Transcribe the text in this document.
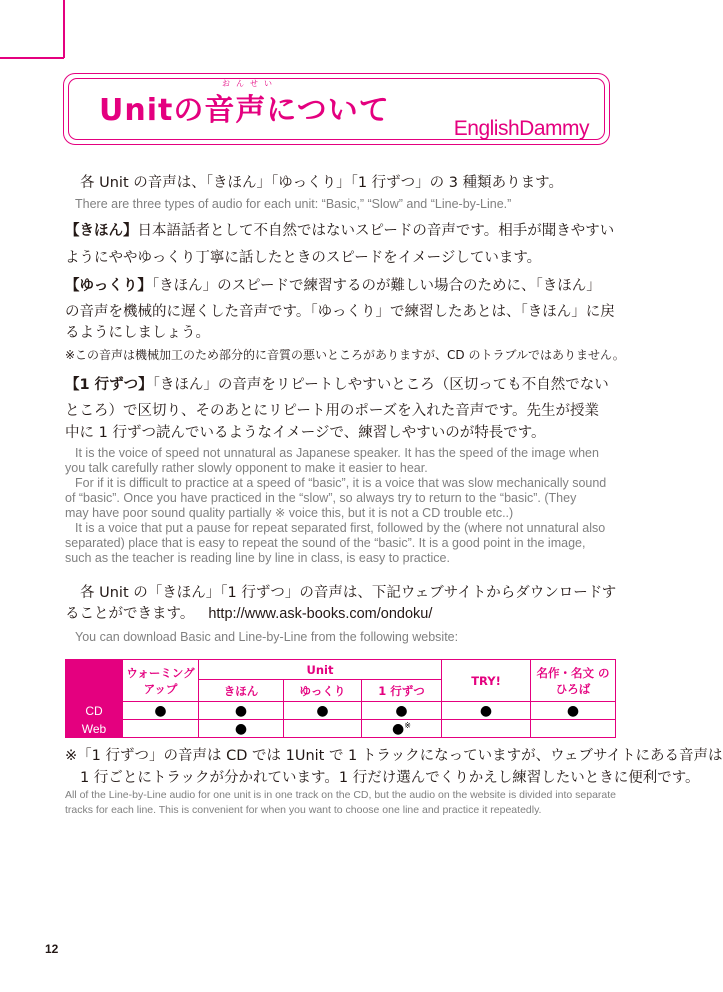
おんせい
Unitの音声について
EnglishDammy

各 Unit の音声は、「きほん」「ゆっくり」「1 行ずつ」の 3 種類あります。

There are three types of audio for each unit: “Basic,” “Slow” and “Line-by-Line.”

【きほん】日本語話者として不自然ではないスピードの音声です。相手が聞きやすい

ようにややゆっくり丁寧に話したときのスピードをイメージしています。

【ゆっくり】「きほん」のスピードで練習するのが難しい場合のために、「きほん」

の音声を機械的に遅くした音声です。「ゆっくり」で練習したあとは、「きほん」に戻

るようにしましょう。

※この音声は機械加工のため部分的に音質の悪いところがありますが、CD のトラブルではありません。

【1 行ずつ】「きほん」の音声をリピートしやすいところ（区切っても不自然でない

ところ）で区切り、そのあとにリピート用のポーズを入れた音声です。先生が授業

中に 1 行ずつ読んでいるようなイメージで、練習しやすいのが特長です。

It is the voice of speed not unnatural as Japanese speaker. It has the speed of the image when

you talk carefully rather slowly opponent to make it easier to hear.

For if it is difficult to practice at a speed of “basic”, it is a voice that was slow mechanically sound

of “basic”. Once you have practiced in the “slow”, so always try to return to the “basic”. (They

may have poor sound quality partially ※ voice this, but it is not a CD trouble etc..)

It is a voice that put a pause for repeat separated first, followed by the (where not unnatural also

separated) place that is easy to repeat the sound of the “basic”. It is a good point in the image,

such as the teacher is reading line by line in class, is easy to practice.

各 Unit の「きほん」「1 行ずつ」の音声は、下記ウェブサイトからダウンロードす

ることができます。 http://www.ask-books.com/ondoku/

You can download Basic and Line-by-Line from the following website:

	ウォーミング アップ	Unit			TRY!	名作・名文 のひろば
		きほん	ゆっくり	1 行ずつ		
CD	●	●	●	●	●	●
Web		●		●※		

※「1 行ずつ」の音声は CD では 1Unit で 1 トラックになっていますが、ウェブサイトにある音声は

1 行ごとにトラックが分かれています。1 行だけ選んでくりかえし練習したいときに便利です。

All of the Line-by-Line audio for one unit is in one track on the CD, but the audio on the website is divided into separate tracks for each line. This is convenient for when you want to choose one line and practice it repeatedly.

12
